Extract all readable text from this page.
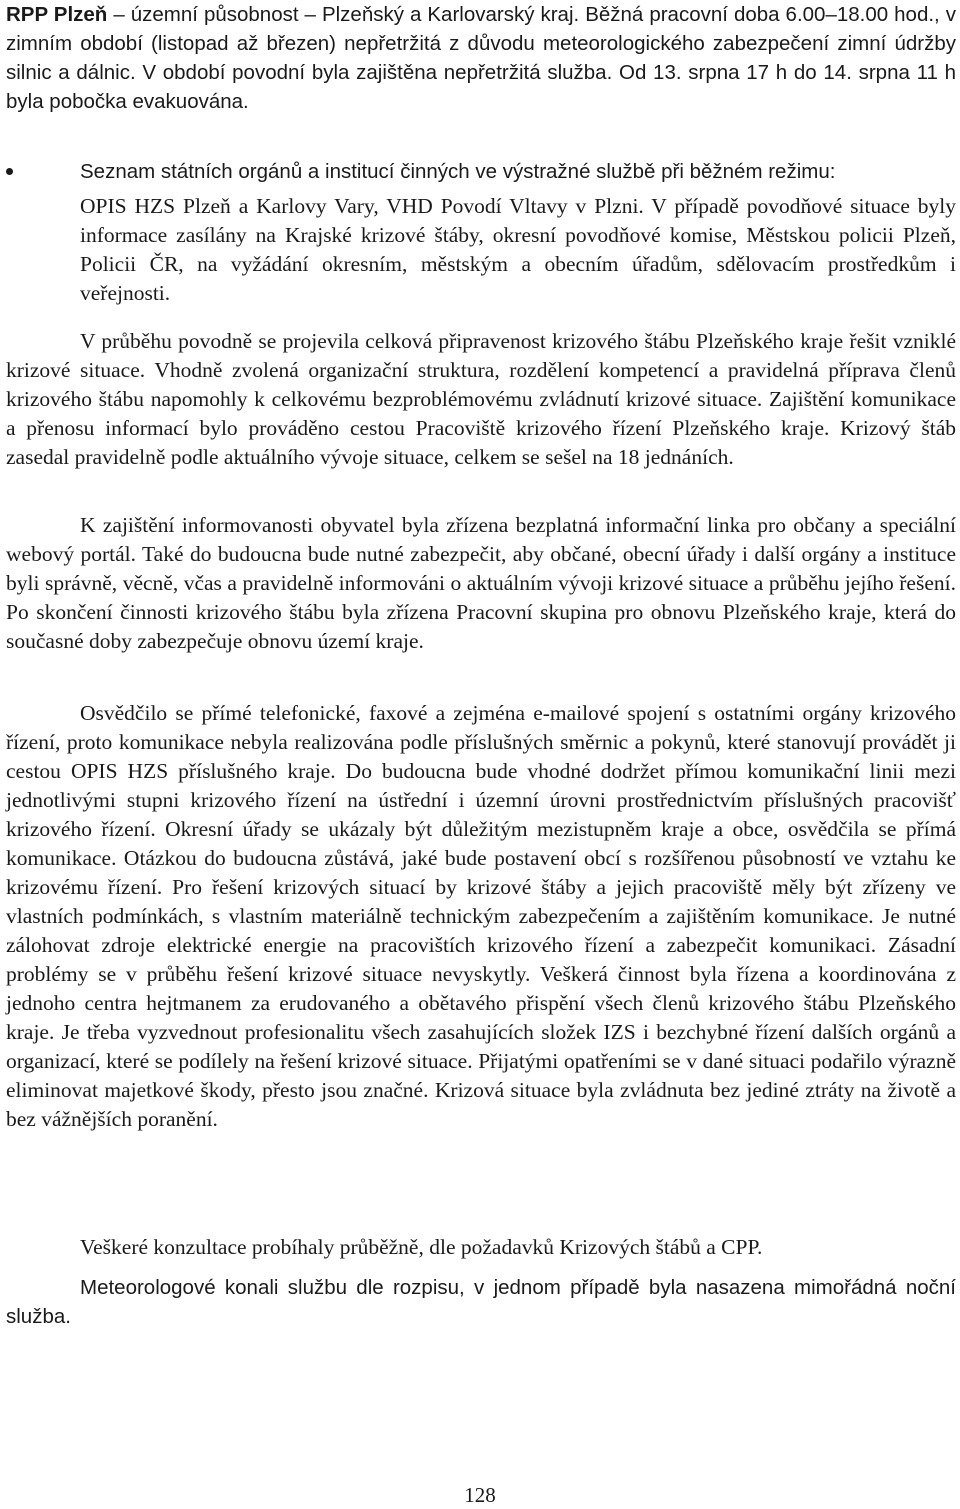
RPP Plzeň – územní působnost – Plzeňský a Karlovarský kraj. Běžná pracovní doba 6.00–18.00 hod., v zimním období (listopad až březen) nepřetržitá z důvodu meteorologického zabezpečení zimní údržby silnic a dálnic. V období povodní byla zajištěna nepřetržitá služba. Od 13. srpna 17 h do 14. srpna 11 h byla pobočka evakuována.

Seznam státních orgánů a institucí činných ve výstražné službě při běžném režimu:

OPIS HZS Plzeň a Karlovy Vary, VHD Povodí Vltavy v Plzni. V případě povodňové situace byly informace zasílány na Krajské krizové štáby, okresní povodňové komise, Městskou policii Plzeň, Policii ČR, na vyžádání okresním, městským a obecním úřadům, sdělovacím prostředkům i veřejnosti.

V průběhu povodně se projevila celková připravenost krizového štábu Plzeňského kraje řešit vzniklé krizové situace. Vhodně zvolená organizační struktura, rozdělení kompetencí a pravidelná příprava členů krizového štábu napomohly k celkovému bezproblémovému zvládnutí krizové situace. Zajištění komunikace a přenosu informací bylo prováděno cestou Pracoviště krizového řízení Plzeňského kraje. Krizový štáb zasedal pravidelně podle aktuálního vývoje situace, celkem se sešel na 18 jednáních.

K zajištění informovanosti obyvatel byla zřízena bezplatná informační linka pro občany a speciální webový portál. Také do budoucna bude nutné zabezpečit, aby občané, obecní úřady i další orgány a instituce byli správně, věcně, včas a pravidelně informováni o aktuálním vývoji krizové situace a průběhu jejího řešení. Po skončení činnosti krizového štábu byla zřízena Pracovní skupina pro obnovu Plzeňského kraje, která do současné doby zabezpečuje obnovu území kraje.

Osvědčilo se přímé telefonické, faxové a zejména e-mailové spojení s ostatními orgány krizového řízení, proto komunikace nebyla realizována podle příslušných směrnic a pokynů, které stanovují provádět ji cestou OPIS HZS příslušného kraje. Do budoucna bude vhodné dodržet přímou komunikační linii mezi jednotlivými stupni krizového řízení na ústřední i územní úrovni prostřednictvím příslušných pracovišť krizového řízení. Okresní úřady se ukázaly být důležitým mezistupněm kraje a obce, osvědčila se přímá komunikace. Otázkou do budoucna zůstává, jaké bude postavení obcí s rozšířenou působností ve vztahu ke krizovému řízení. Pro řešení krizových situací by krizové štáby a jejich pracoviště měly být zřízeny ve vlastních podmínkách, s vlastním materiálně technickým zabezpečením a zajištěním komunikace. Je nutné zálohovat zdroje elektrické energie na pracovištích krizového řízení a zabezpečit komunikaci. Zásadní problémy se v průběhu řešení krizové situace nevyskytly. Veškerá činnost byla řízena a koordinována z jednoho centra hejtmanem za erudovaného a obětavého přispění všech členů krizového štábu Plzeňského kraje. Je třeba vyzvednout profesionalitu všech zasahujících složek IZS i bezchybné řízení dalších orgánů a organizací, které se podílely na řešení krizové situace. Přijatými opatřeními se v dané situaci podařilo výrazně eliminovat majetkové škody, přesto jsou značné. Krizová situace byla zvládnuta bez jediné ztráty na životě a bez vážnějších poranění.

Veškeré konzultace probíhaly průběžně, dle požadavků Krizových štábů a CPP.

Meteorologové konali službu dle rozpisu, v jednom případě byla nasazena mimořádná noční služba.

128
